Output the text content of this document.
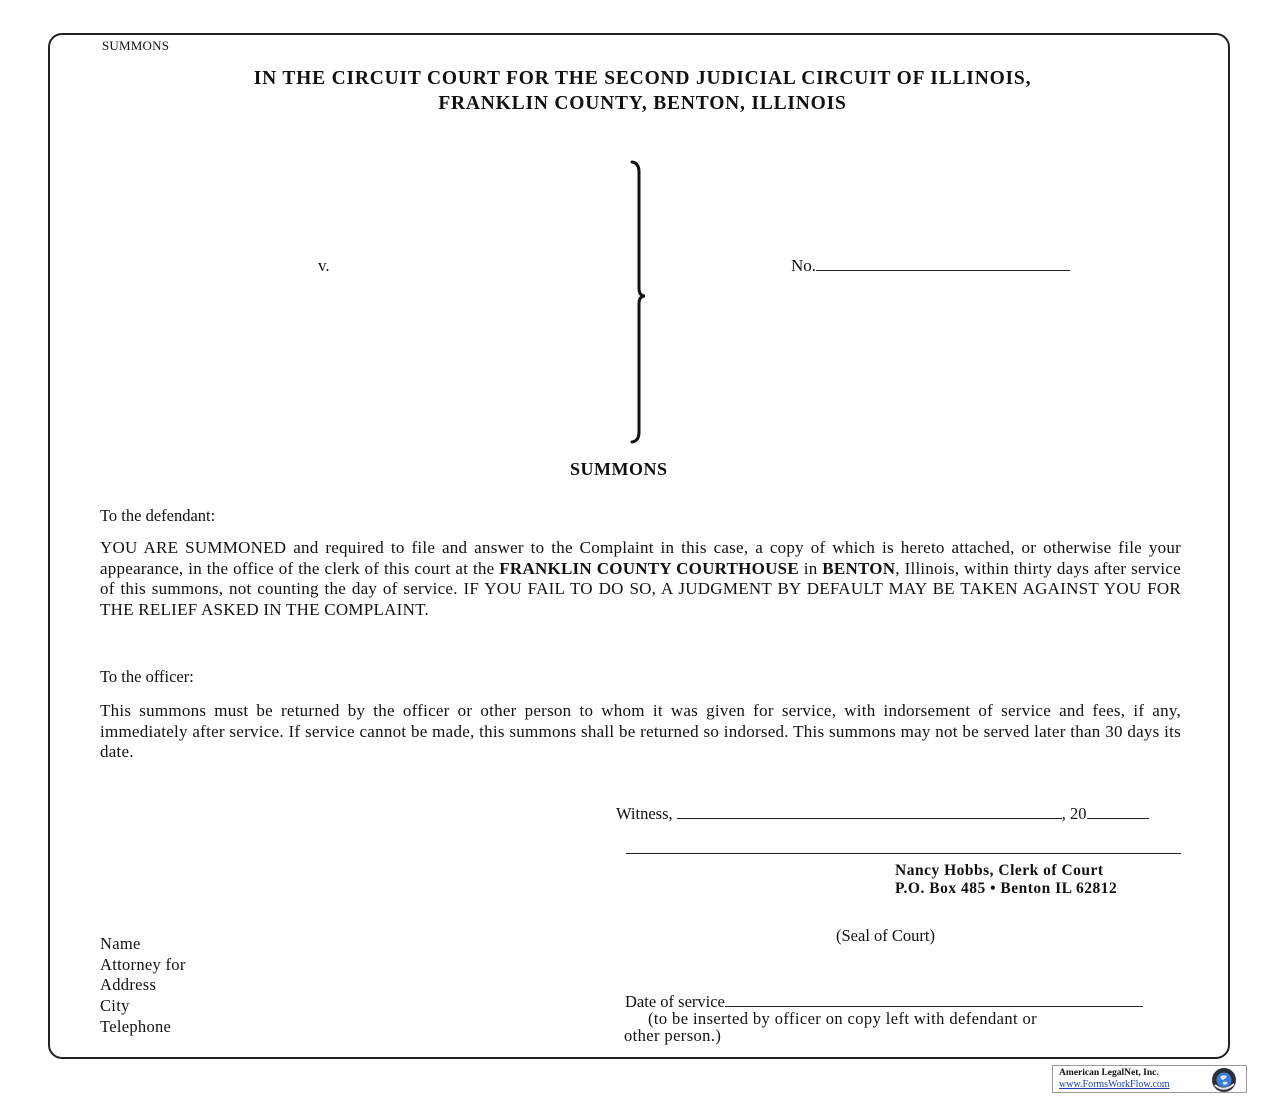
SUMMONS
IN THE CIRCUIT COURT FOR THE SECOND JUDICIAL CIRCUIT OF ILLINOIS,
FRANKLIN COUNTY, BENTON, ILLINOIS
v.	No.
SUMMONS
To the defendant:
YOU ARE SUMMONED and required to file and answer to the Complaint in this case, a copy of which is hereto attached, or otherwise file your appearance, in the office of the clerk of this court at the FRANKLIN COUNTY COURTHOUSE in BENTON, Illinois, within thirty days after service of this summons, not counting the day of service. IF YOU FAIL TO DO SO, A JUDGMENT BY DEFAULT MAY BE TAKEN AGAINST YOU FOR THE RELIEF ASKED IN THE COMPLAINT.
To the officer:
This summons must be returned by the officer or other person to whom it was given for service, with indorsement of service and fees, if any, immediately after service. If service cannot be made, this summons shall be returned so indorsed. This summons may not be served later than 30 days its date.
Witness,	, 20
Nancy Hobbs, Clerk of Court
P.O. Box 485 • Benton IL 62812
(Seal of Court)
Name
Attorney for
Address
City
Telephone
Date of service
(to be inserted by officer on copy left with defendant or
other person.)
American LegalNet, Inc.
www.FormsWorkFlow.com
